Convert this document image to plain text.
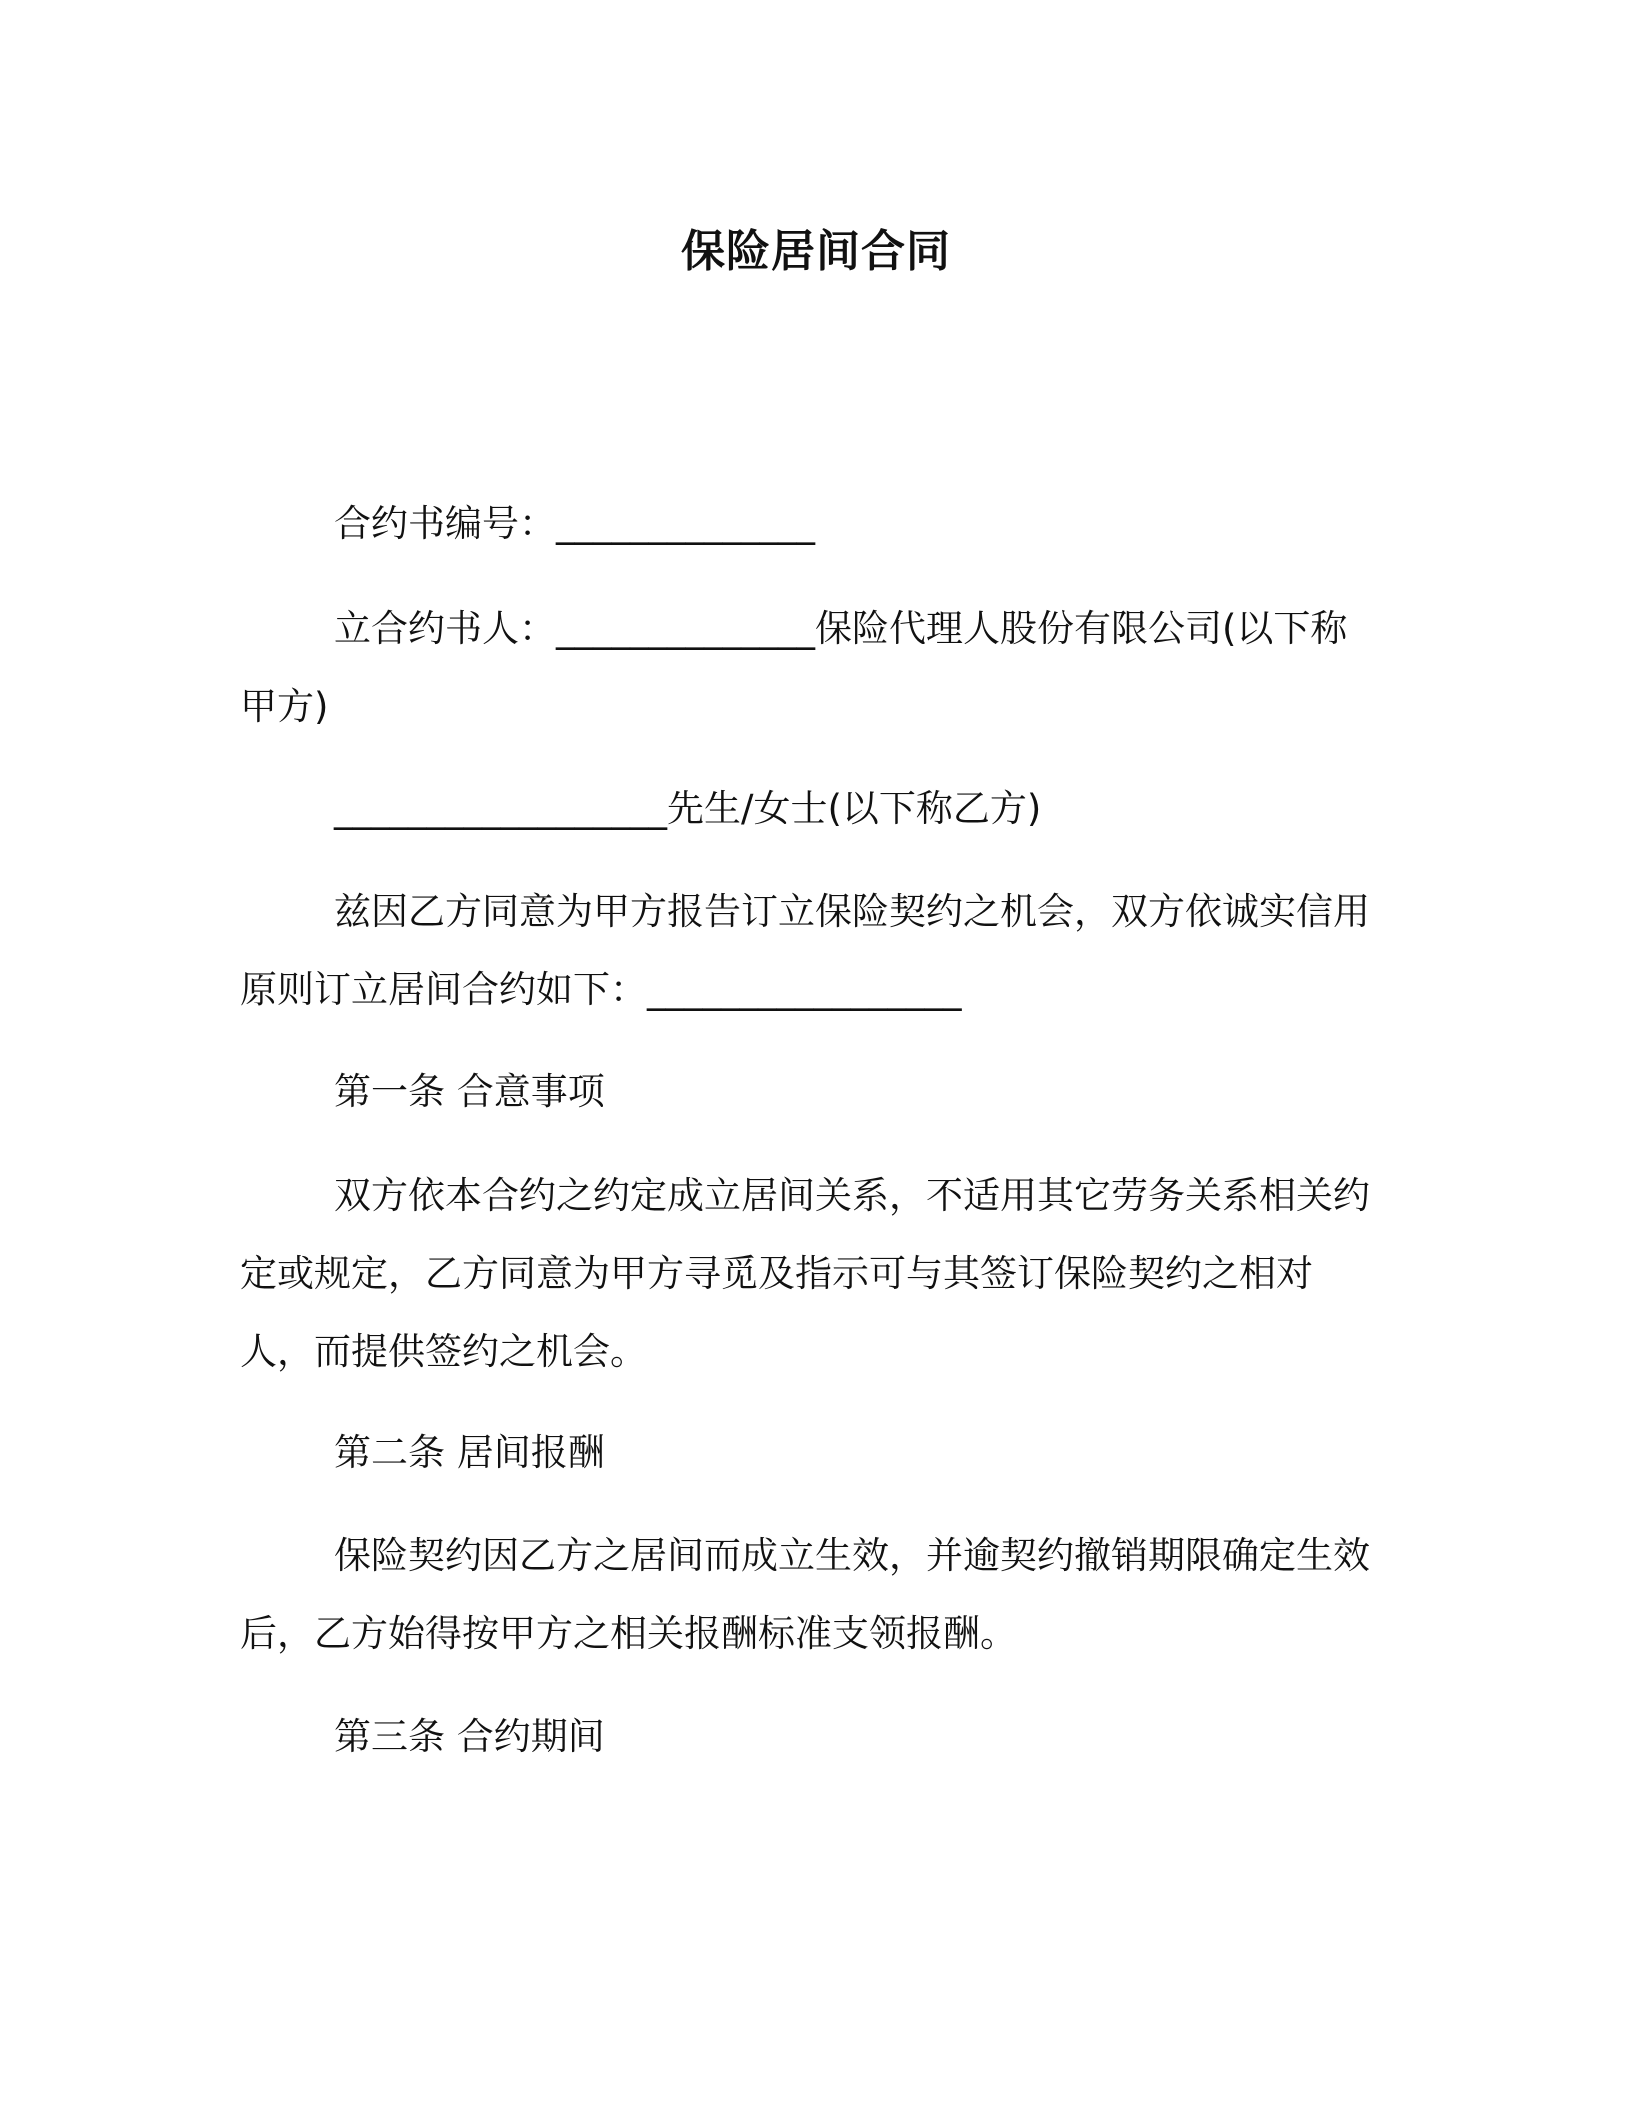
保险居间合同

合约书编号：______________

立合约书人：______________保险代理人股份有限公司(以下称甲方)

__________________先生/女士(以下称乙方)

兹因乙方同意为甲方报告订立保险契约之机会，双方依诚实信用原则订立居间合约如下：_________________

第一条 合意事项

双方依本合约之约定成立居间关系，不适用其它劳务关系相关约定或规定，乙方同意为甲方寻觅及指示可与其签订保险契约之相对人，而提供签约之机会。

第二条 居间报酬

保险契约因乙方之居间而成立生效，并逾契约撤销期限确定生效后，乙方始得按甲方之相关报酬标准支领报酬。

第三条 合约期间
